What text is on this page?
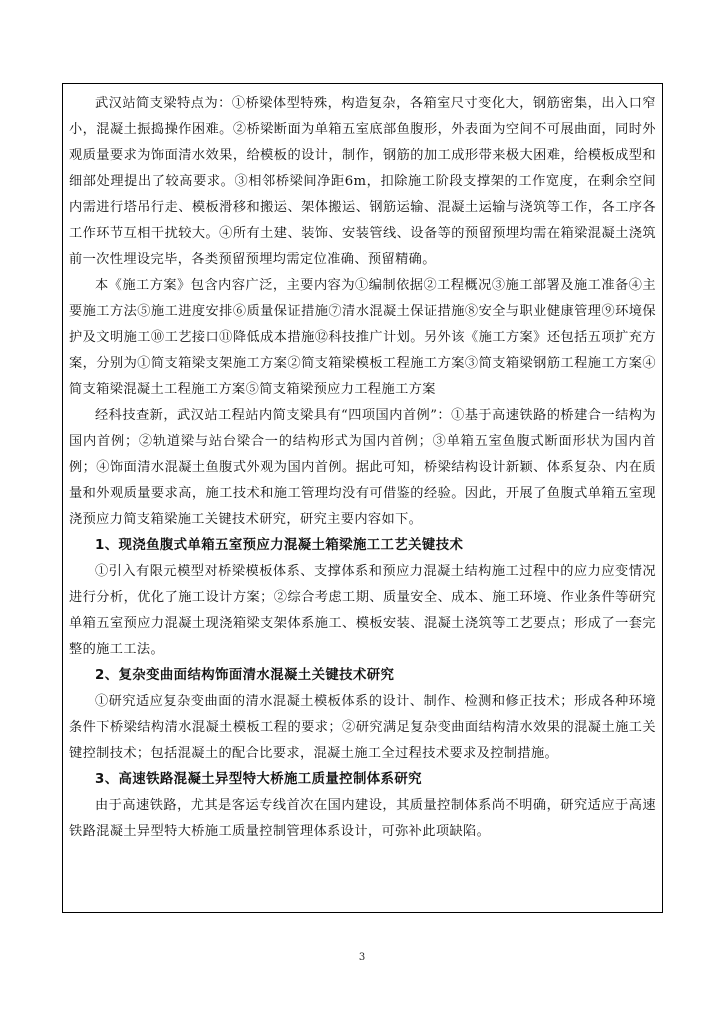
武汉站简支梁特点为：①桥梁体型特殊，构造复杂，各箱室尺寸变化大，钢筋密集，出入口窄小，混凝土振捣操作困难。②桥梁断面为单箱五室底部鱼腹形，外表面为空间不可展曲面，同时外观质量要求为饰面清水效果，给模板的设计，制作，钢筋的加工成形带来极大困难，给模板成型和细部处理提出了较高要求。③相邻桥梁间净距6m，扣除施工阶段支撑架的工作宽度，在剩余空间内需进行塔吊行走、模板滑移和搬运、架体搬运、钢筋运输、混凝土运输与浇筑等工作，各工序各工作环节互相干扰较大。④所有土建、装饰、安装管线、设备等的预留预埋均需在箱梁混凝土浇筑前一次性埋设完毕，各类预留预埋均需定位准确、预留精确。

本《施工方案》包含内容广泛，主要内容为①编制依据②工程概况③施工部署及施工准备④主要施工方法⑤施工进度安排⑥质量保证措施⑦清水混凝土保证措施⑧安全与职业健康管理⑨环境保护及文明施工⑩工艺接口⑪降低成本措施⑫科技推广计划。另外该《施工方案》还包括五项扩充方案，分别为①简支箱梁支架施工方案②简支箱梁模板工程施工方案③简支箱梁钢筋工程施工方案④简支箱梁混凝土工程施工方案⑤简支箱梁预应力工程施工方案

经科技查新，武汉站工程站内简支梁具有“四项国内首例”：①基于高速铁路的桥建合一结构为国内首例；②轨道梁与站台梁合一的结构形式为国内首例；③单箱五室鱼腹式断面形状为国内首例；④饰面清水混凝土鱼腹式外观为国内首例。据此可知，桥梁结构设计新颖、体系复杂、内在质量和外观质量要求高，施工技术和施工管理均没有可借鉴的经验。因此，开展了鱼腹式单箱五室现浇预应力简支箱梁施工关键技术研究，研究主要内容如下。

1、现浇鱼腹式单箱五室预应力混凝土箱梁施工工艺关键技术

①引入有限元模型对桥梁模板体系、支撑体系和预应力混凝土结构施工过程中的应力应变情况进行分析，优化了施工设计方案；②综合考虑工期、质量安全、成本、施工环境、作业条件等研究单箱五室预应力混凝土现浇箱梁支架体系施工、模板安装、混凝土浇筑等工艺要点；形成了一套完整的施工工法。

2、复杂变曲面结构饰面清水混凝土关键技术研究

①研究适应复杂变曲面的清水混凝土模板体系的设计、制作、检测和修正技术；形成各种环境条件下桥梁结构清水混凝土模板工程的要求；②研究满足复杂变曲面结构清水效果的混凝土施工关键控制技术；包括混凝土的配合比要求，混凝土施工全过程技术要求及控制措施。

3、高速铁路混凝土异型特大桥施工质量控制体系研究

由于高速铁路，尤其是客运专线首次在国内建设，其质量控制体系尚不明确，研究适应于高速铁路混凝土异型特大桥施工质量控制管理体系设计，可弥补此项缺陷。

3
